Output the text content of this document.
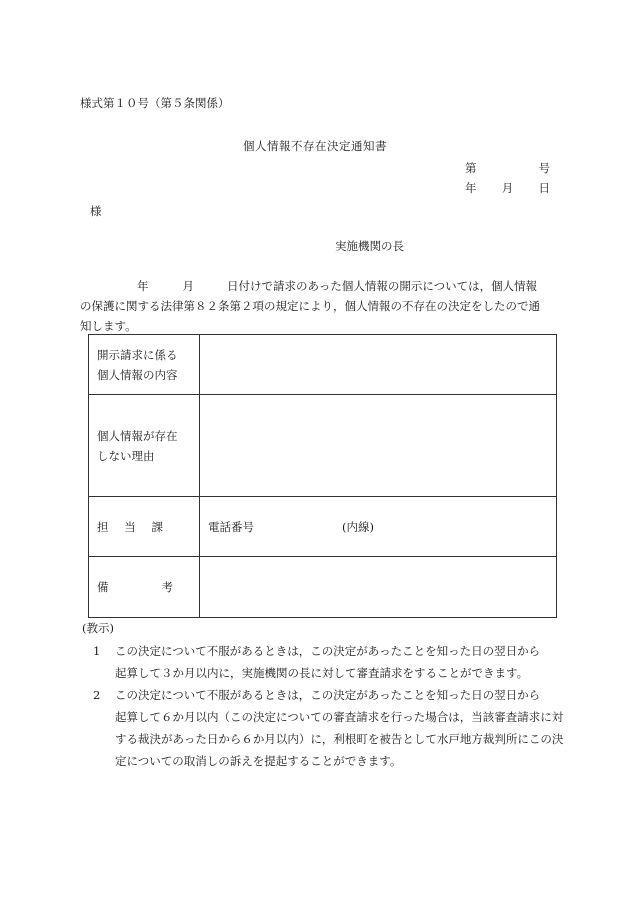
様式第１０号（第５条関係）
個人情報不存在決定通知書
第	号
年 月 日
様
実施機関の長
年	月	日付けで請求のあった個人情報の開示については，個人情報
の保護に関する法律第８２条第２項の規定により，個人情報の不存在の決定をしたので通
知します。
開示請求に係る
個人情報の内容	

個人情報が存在
しない理由	

担 当 課	電話番号 (内線)

備 考	

(教示)
1	この決定について不服があるときは，この決定があったことを知った日の翌日から
起算して３か月以内に，実施機関の長に対して審査請求をすることができます。
2	この決定について不服があるときは，この決定があったことを知った日の翌日から
起算して６か月以内（この決定についての審査請求を行った場合は，当該審査請求に対
する裁決があった日から６か月以内）に，利根町を被告として水戸地方裁判所にこの決
定についての取消しの訴えを提起することができます。
